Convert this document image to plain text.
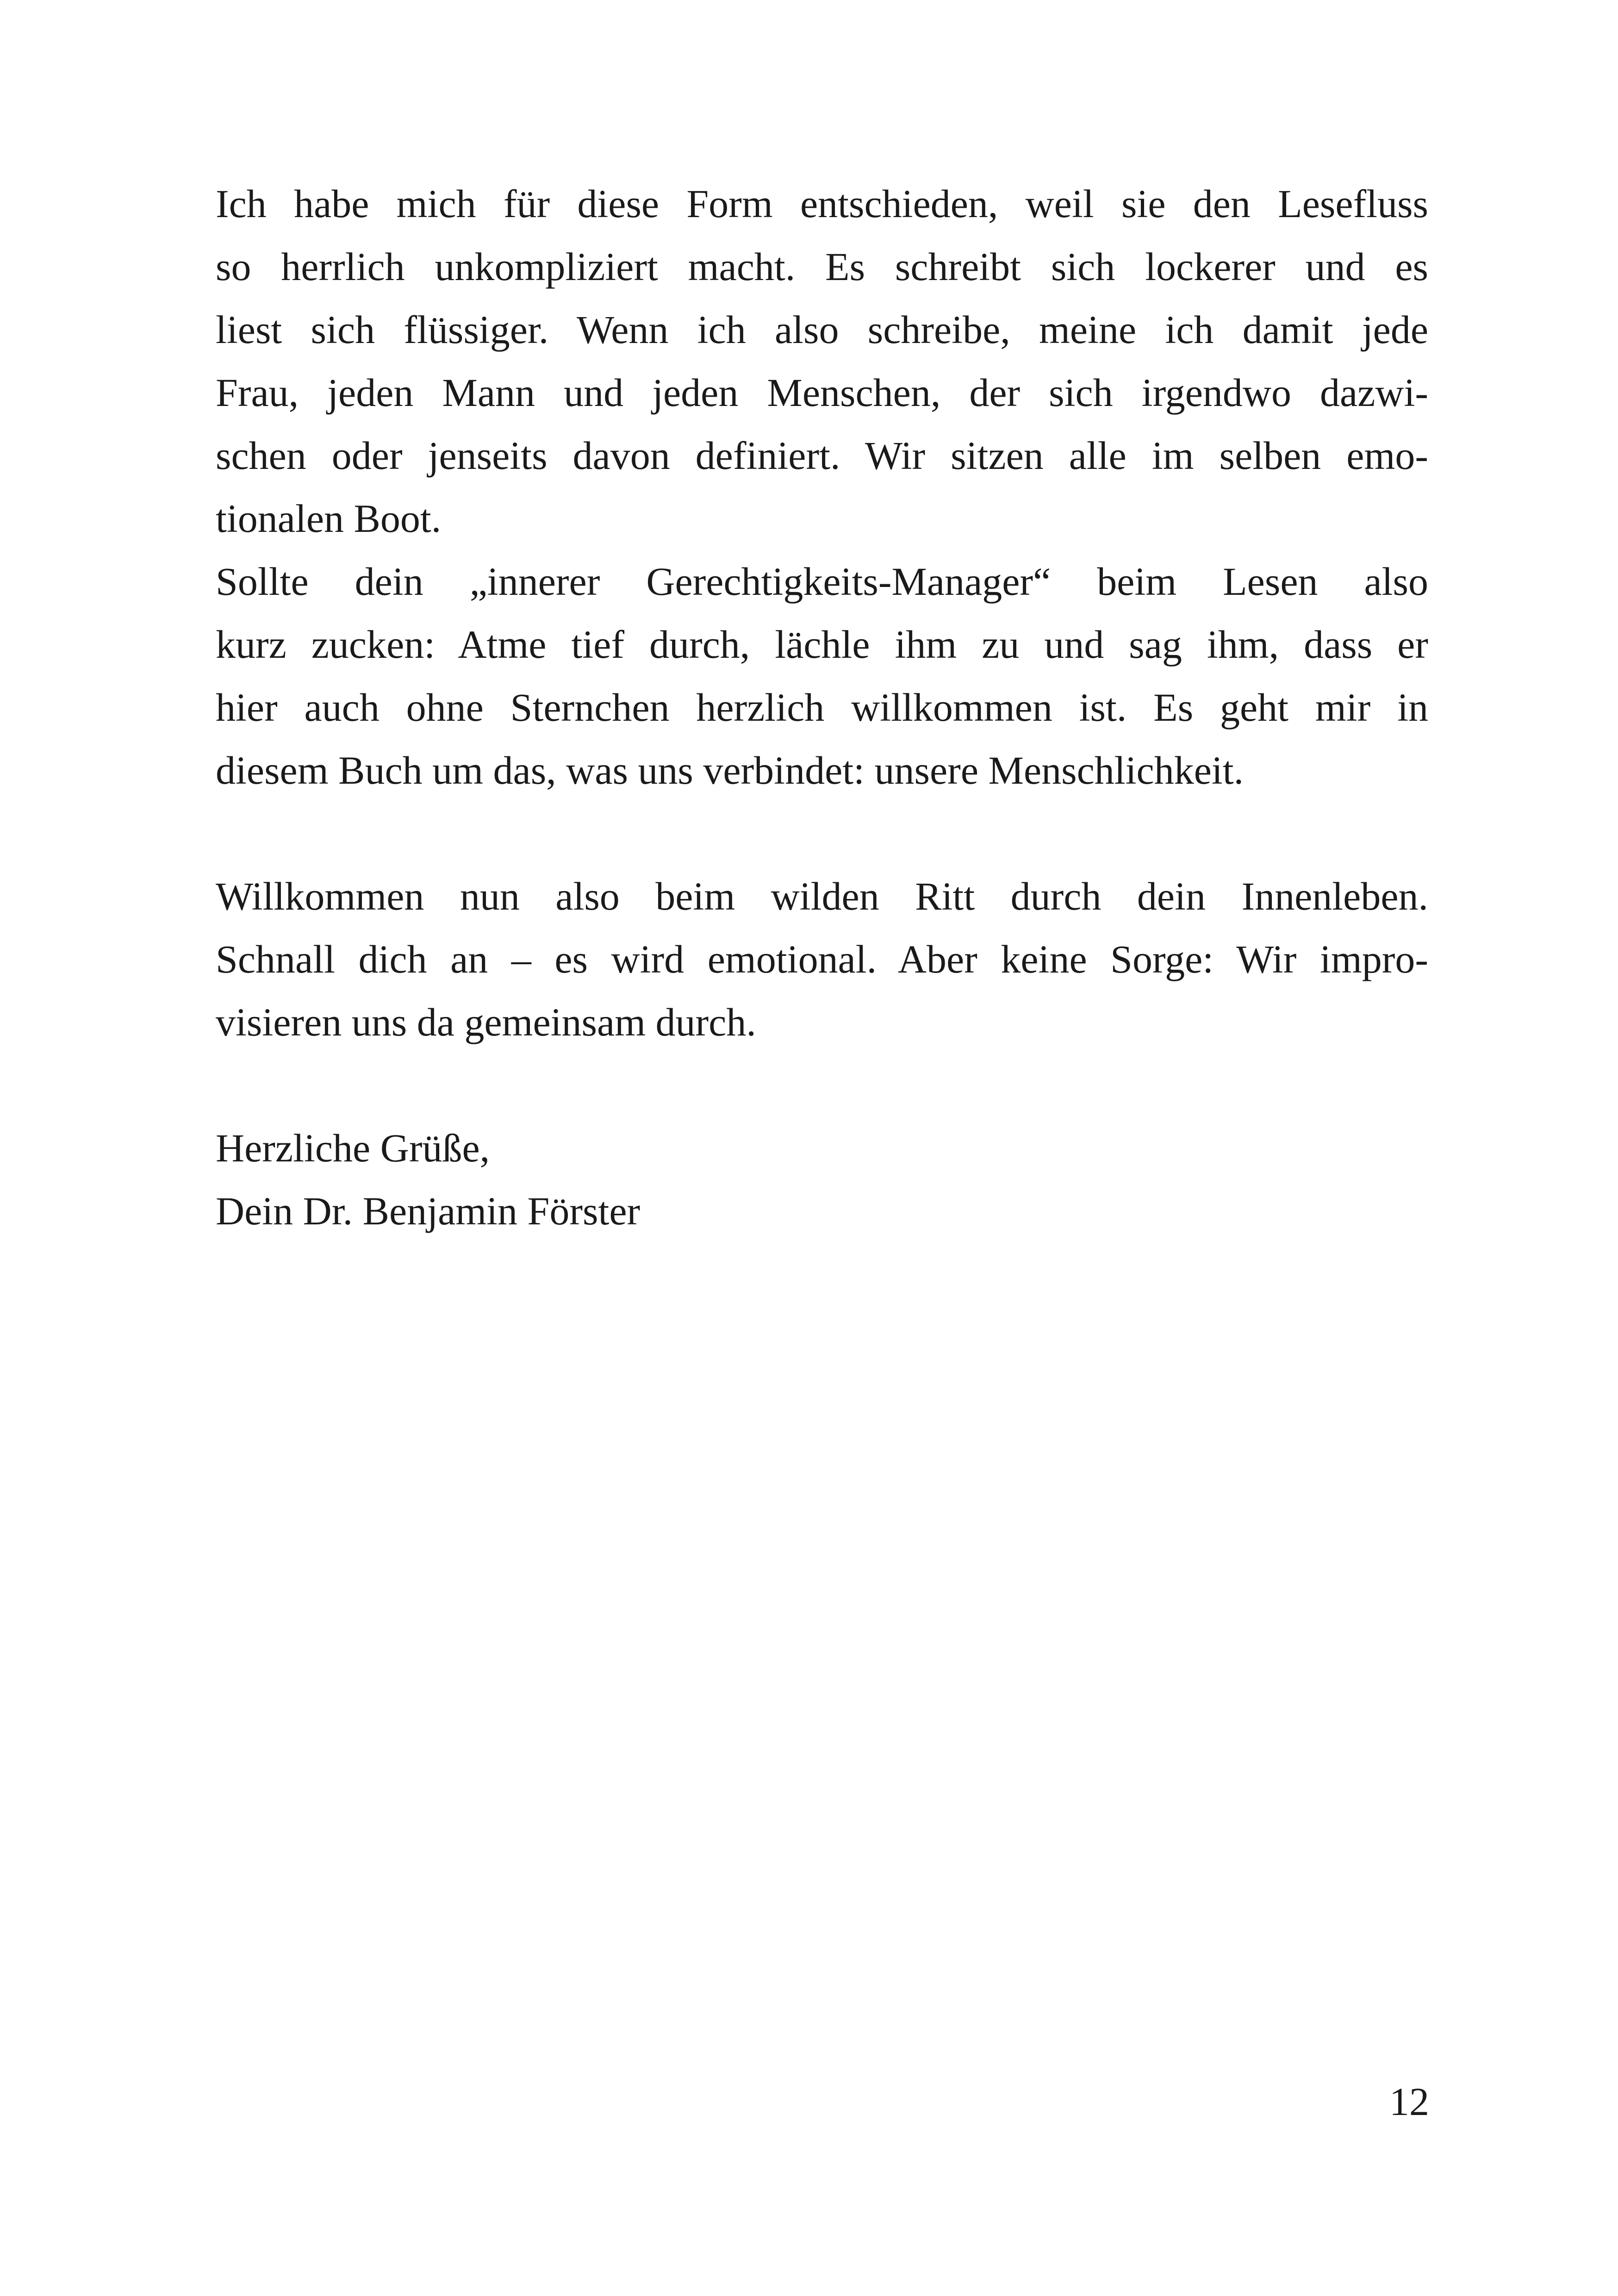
Ich habe mich für diese Form entschieden, weil sie den Lesefluss
so herrlich unkompliziert macht. Es schreibt sich lockerer und es
liest sich flüssiger. Wenn ich also schreibe, meine ich damit jede
Frau, jeden Mann und jeden Menschen, der sich irgendwo dazwi-
schen oder jenseits davon definiert. Wir sitzen alle im selben emo-
tionalen Boot.

Sollte dein „innerer Gerechtigkeits-Manager“ beim Lesen also
kurz zucken: Atme tief durch, lächle ihm zu und sag ihm, dass er
hier auch ohne Sternchen herzlich willkommen ist. Es geht mir in
diesem Buch um das, was uns verbindet: unsere Menschlichkeit.

Willkommen nun also beim wilden Ritt durch dein Innenleben.
Schnall dich an – es wird emotional. Aber keine Sorge: Wir impro-
visieren uns da gemeinsam durch.

Herzliche Grüße,
Dein Dr. Benjamin Förster

12
